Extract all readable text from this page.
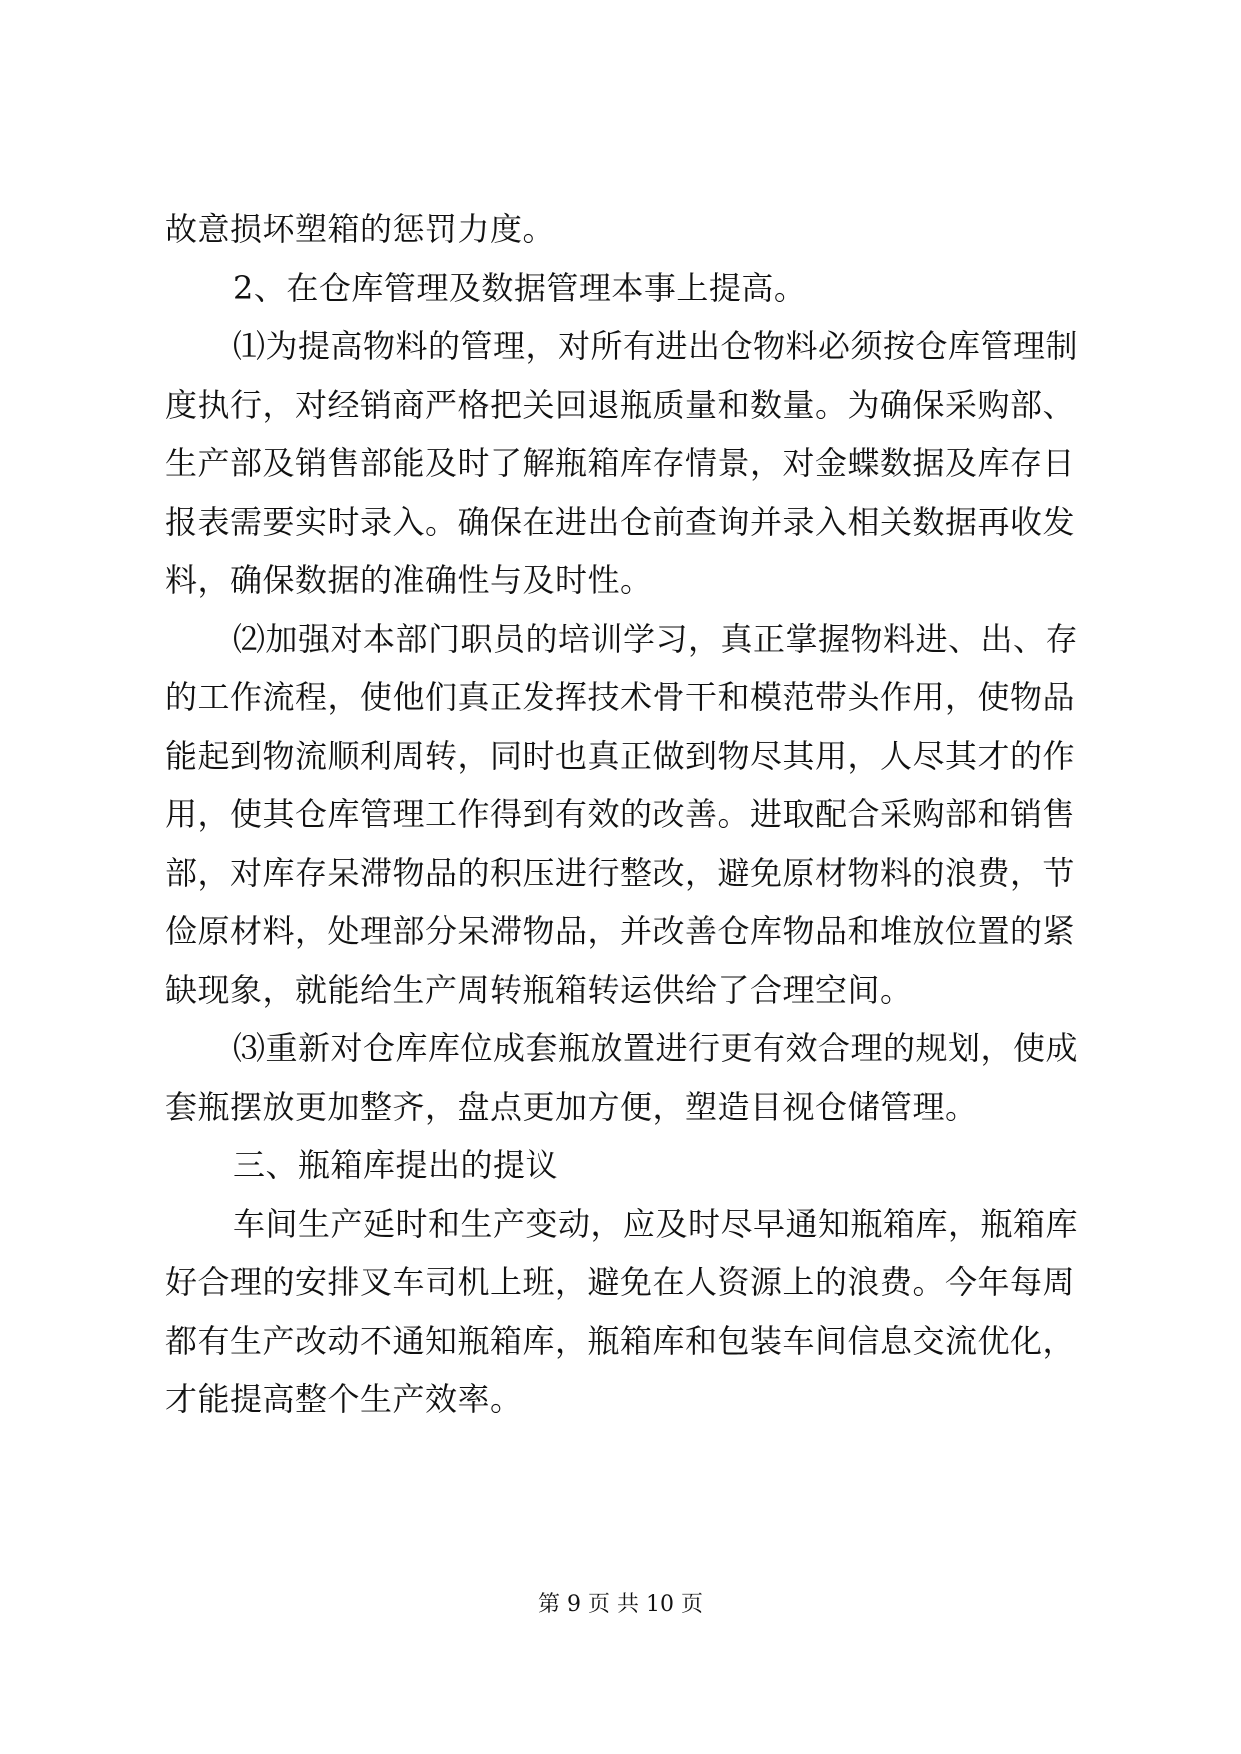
故意损坏塑箱的惩罚力度。
2、在仓库管理及数据管理本事上提高。
⑴为提高物料的管理，对所有进出仓物料必须按仓库管理制
度执行，对经销商严格把关回退瓶质量和数量。为确保采购部、
生产部及销售部能及时了解瓶箱库存情景，对金蝶数据及库存日
报表需要实时录入。确保在进出仓前查询并录入相关数据再收发
料，确保数据的准确性与及时性。
⑵加强对本部门职员的培训学习，真正掌握物料进、出、存
的工作流程，使他们真正发挥技术骨干和模范带头作用，使物品
能起到物流顺利周转，同时也真正做到物尽其用，人尽其才的作
用，使其仓库管理工作得到有效的改善。进取配合采购部和销售
部，对库存呆滞物品的积压进行整改，避免原材物料的浪费，节
俭原材料，处理部分呆滞物品，并改善仓库物品和堆放位置的紧
缺现象，就能给生产周转瓶箱转运供给了合理空间。
⑶重新对仓库库位成套瓶放置进行更有效合理的规划，使成
套瓶摆放更加整齐，盘点更加方便，塑造目视仓储管理。
三、瓶箱库提出的提议
车间生产延时和生产变动，应及时尽早通知瓶箱库，瓶箱库
好合理的安排叉车司机上班，避免在人资源上的浪费。今年每周
都有生产改动不通知瓶箱库，瓶箱库和包装车间信息交流优化，
才能提高整个生产效率。
第 9 页 共 10 页
